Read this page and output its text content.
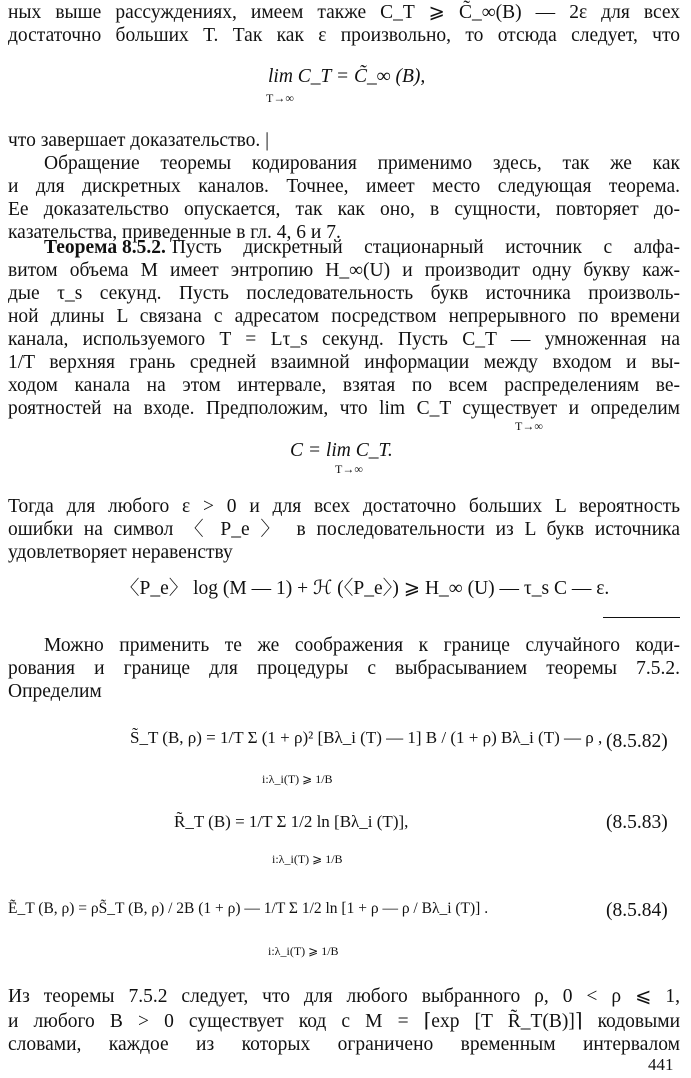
ных выше рассуждениях, имеем также C_T ⩾ C̃_∞(B) — 2ε для всех
достаточно больших T. Так как ε произвольно, то отсюда следует, что
lim C_T = C̃_∞ (B),
T→∞
что завершает доказательство. |
Обращение теоремы кодирования применимо здесь, так же как
и для дискретных каналов. Точнее, имеет место следующая теорема.
Ее доказательство опускается, так как оно, в сущности, повторяет до-
казательства, приведенные в гл. 4, 6 и 7.
Теорема 8.5.2. Пусть дискретный стационарный источник с алфа-
витом объема M имеет энтропию H_∞(U) и производит одну букву каж-
дые τ_s секунд. Пусть последовательность букв источника произволь-
ной длины L связана с адресатом посредством непрерывного по времени
канала, используемого T = Lτ_s секунд. Пусть C_T — умноженная на
1/T верхняя грань средней взаимной информации между входом и вы-
ходом канала на этом интервале, взятая по всем распределениям ве-
роятностей на входе. Предположим, что lim C_T существует и определим
T→∞
C = lim C_T.
T→∞
Тогда для любого ε > 0 и для всех достаточно больших L вероятность
ошибки на символ 〈 P_e 〉 в последовательности из L букв источника
удовлетворяет неравенству
〈P_e〉 log (M — 1) + ℋ (〈P_e〉) ⩾ H_∞ (U) — τ_s C — ε.
Можно применить те же соображения к границе случайного коди-
рования и границе для процедуры с выбрасыванием теоремы 7.5.2.
Определим
S̃_T (B, ρ) = 1/T Σ (1 + ρ)² [Bλ_i (T) — 1] B / (1 + ρ) Bλ_i (T) — ρ ,
i:λ_i(T) ⩾ 1/B
(8.5.82)
R̃_T (B) = 1/T Σ 1/2 ln [Bλ_i (T)],
i:λ_i(T) ⩾ 1/B
(8.5.83)
Ẽ_T (B, ρ) = ρS̃_T (B, ρ) / 2B (1 + ρ) — 1/T Σ 1/2 ln [1 + ρ — ρ / Bλ_i (T)] .
i:λ_i(T) ⩾ 1/B
(8.5.84)
Из теоремы 7.5.2 следует, что для любого выбранного ρ, 0 < ρ ⩽ 1,
и любого B > 0 существует код с M = ⌈exp [T R̃_T(B)]⌉ кодовыми
словами, каждое из которых ограничено временным интервалом
441
